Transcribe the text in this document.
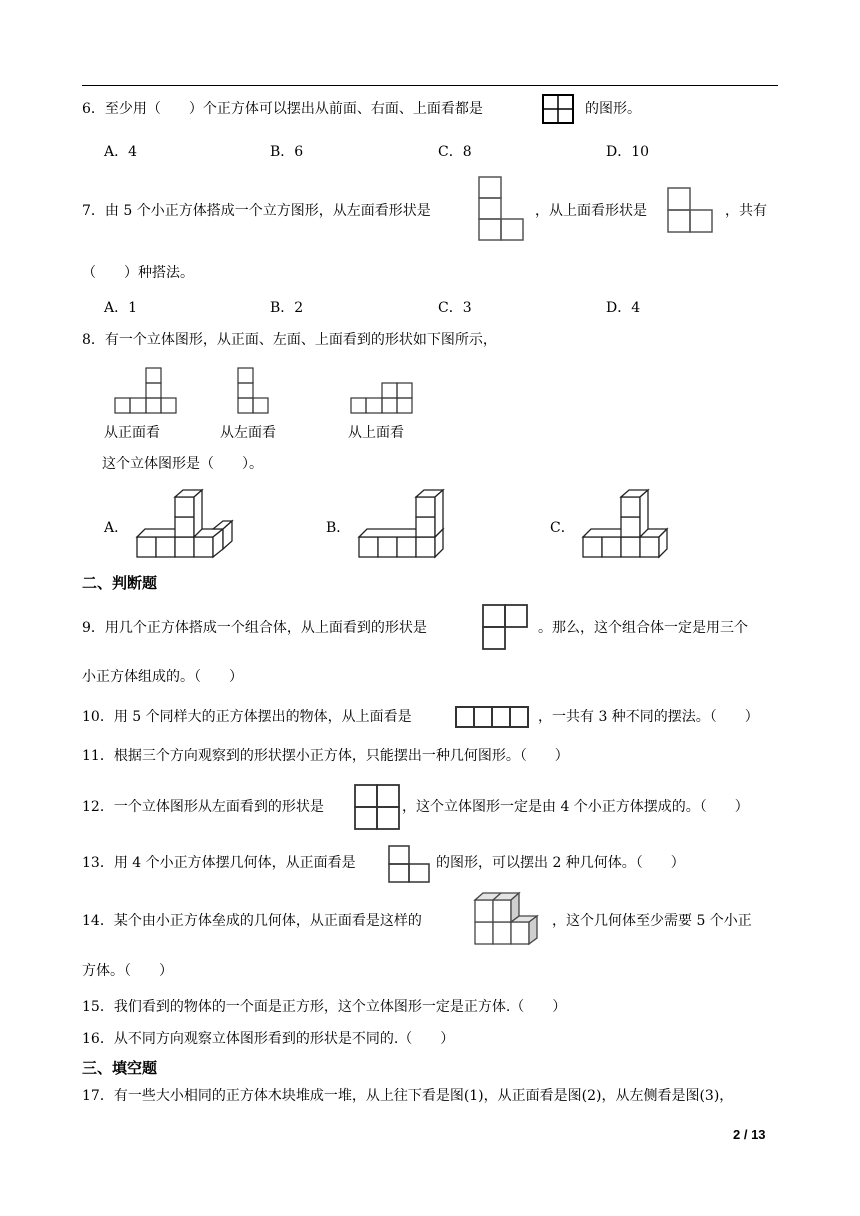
6．至少用（　　）个正方体可以摆出从前面、右面、上面看都是	的图形。
A．4	B．6	C．8	D．10
7．由 5 个小正方体搭成一个立方图形，从左面看形状是	，从上面看形状是	，共有
（　　）种搭法。
A．1	B．2	C．3	D．4
8．有一个立体图形，从正面、左面、上面看到的形状如下图所示，
从正面看	从左面看	从上面看
这个立体图形是（　　）。
A．	B．	C．
二、判断题
9．用几个正方体搭成一个组合体，从上面看到的形状是	。那么，这个组合体一定是用三个
小正方体组成的。（　　）
10．用 5 个同样大的正方体摆出的物体，从上面看是	，一共有 3 种不同的摆法。（　　）
11．根据三个方向观察到的形状摆小正方体，只能摆出一种几何图形。（　　）
12．一个立体图形从左面看到的形状是	，这个立体图形一定是由 4 个小正方体摆成的。（　　）
13．用 4 个小正方体摆几何体，从正面看是	的图形，可以摆出 2 种几何体。（　　）
14．某个由小正方体垒成的几何体，从正面看是这样的	，这个几何体至少需要 5 个小正
方体。（　　）
15．我们看到的物体的一个面是正方形，这个立体图形一定是正方体.（　　）
16．从不同方向观察立体图形看到的形状是不同的.（　　）
三、填空题
17．有一些大小相同的正方体木块堆成一堆，从上往下看是图(1)，从正面看是图(2)，从左侧看是图(3)，
2 / 13
